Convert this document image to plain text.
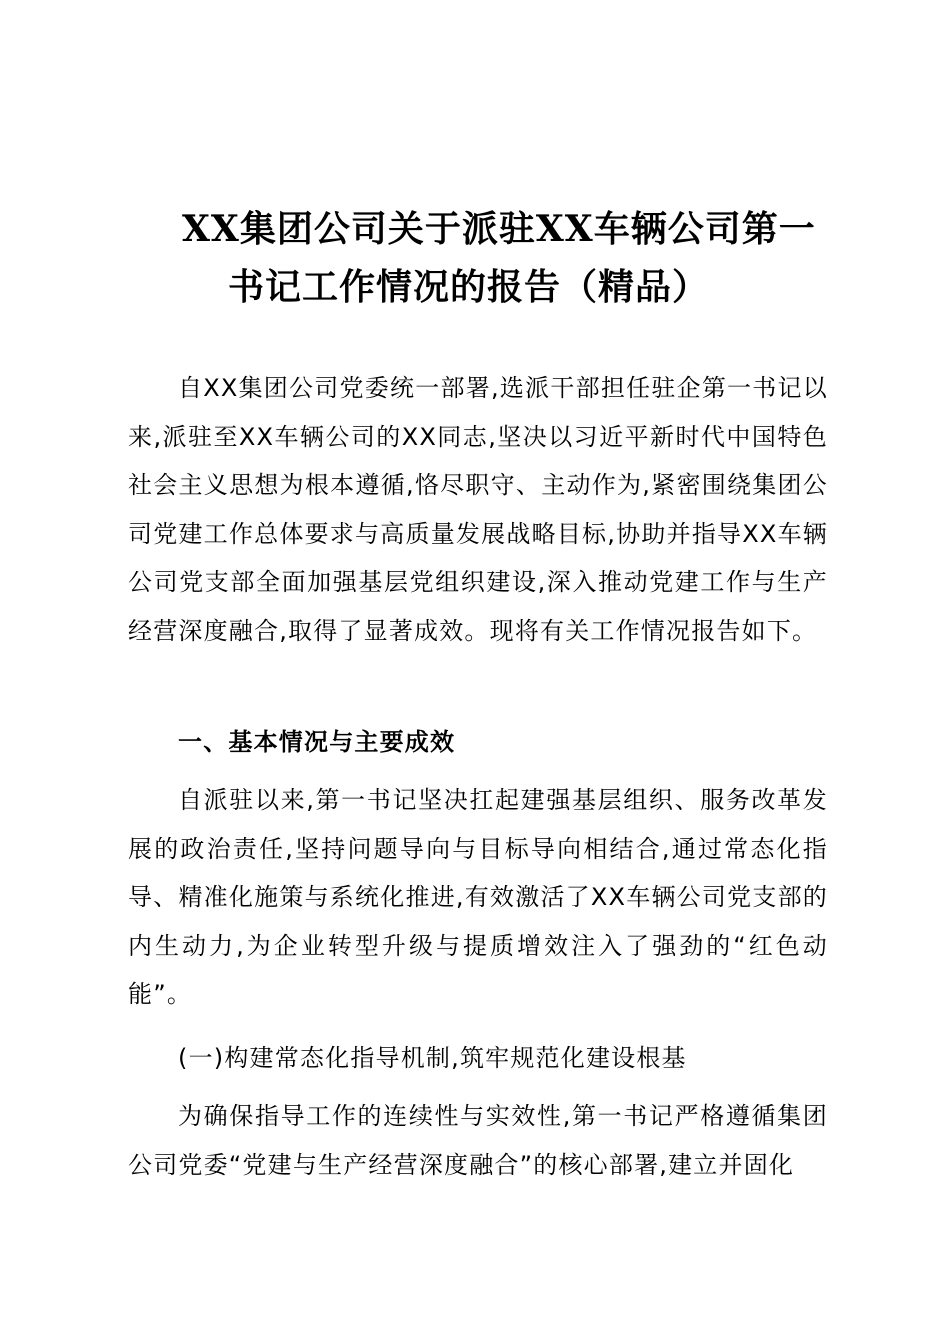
XX集团公司关于派驻XX车辆公司第一
书记工作情况的报告（精品）

自XX集团公司党委统一部署,选派干部担任驻企第一书记以来,派驻至XX车辆公司的XX同志,坚决以习近平新时代中国特色社会主义思想为根本遵循,恪尽职守、主动作为,紧密围绕集团公司党建工作总体要求与高质量发展战略目标,协助并指导XX车辆公司党支部全面加强基层党组织建设,深入推动党建工作与生产经营深度融合,取得了显著成效。现将有关工作情况报告如下。

一、基本情况与主要成效

自派驻以来,第一书记坚决扛起建强基层组织、服务改革发展的政治责任,坚持问题导向与目标导向相结合,通过常态化指导、精准化施策与系统化推进,有效激活了XX车辆公司党支部的内生动力,为企业转型升级与提质增效注入了强劲的“红色动能”。

(一)构建常态化指导机制,筑牢规范化建设根基

为确保指导工作的连续性与实效性,第一书记严格遵循集团公司党委“党建与生产经营深度融合”的核心部署,建立并固化
